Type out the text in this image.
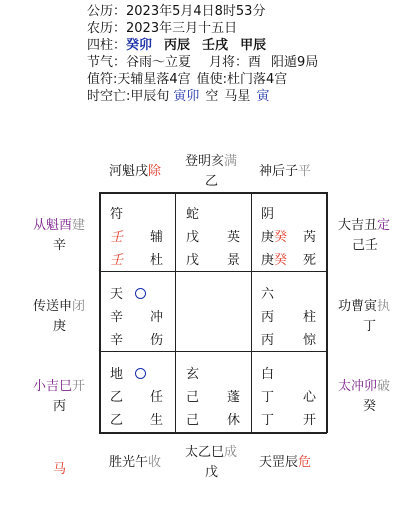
公历：2023年5月4日8时53分
农历：2023年三月十五日
四柱：癸卯 丙辰 壬戌 甲辰
节气：谷雨～立夏 月将：酉 阳遁9局
值符:天辅星落4宫 值使:杜门落4宫
时空亡:甲辰旬 寅卯 空 马星 寅
河魁戌除
登明亥满
乙
神后子平
从魁酉建
辛
传送申闭
庚
小吉巳开
丙
大吉丑定
己壬
功曹寅执
丁
太冲卯破
癸
马	胜光午收
太乙巳成
戊
天罡辰危
符
壬 辅
壬 杜
蛇
戊 英
戊 景
阴
庚癸 芮
庚癸 死
天
辛 冲
辛 伤
六
丙 柱
丙 惊
地
乙 任
乙 生
玄
己 蓬
己 休
白
丁 心
丁 开
